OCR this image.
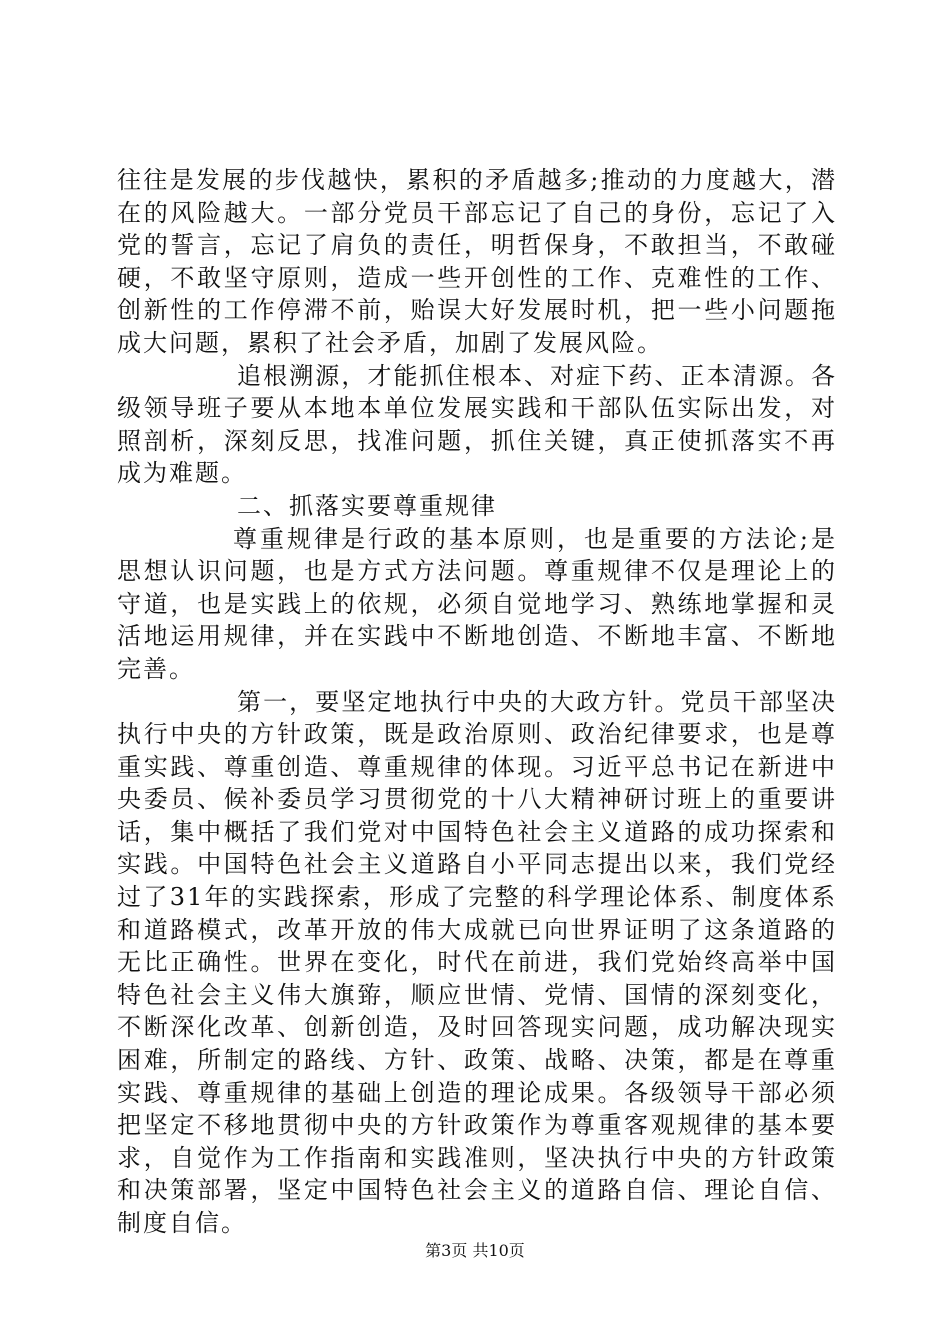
往往是发展的步伐越快，累积的矛盾越多;推动的力度越大，潜在的风险越大。一部分党员干部忘记了自己的身份，忘记了入党的誓言，忘记了肩负的责任，明哲保身，不敢担当，不敢碰硬，不敢坚守原则，造成一些开创性的工作、克难性的工作、创新性的工作停滞不前，贻误大好发展时机，把一些小问题拖成大问题，累积了社会矛盾，加剧了发展风险。

追根溯源，才能抓住根本、对症下药、正本清源。各级领导班子要从本地本单位发展实践和干部队伍实际出发，对照剖析，深刻反思，找准问题，抓住关键，真正使抓落实不再成为难题。

二、抓落实要尊重规律

尊重规律是行政的基本原则，也是重要的方法论;是思想认识问题，也是方式方法问题。尊重规律不仅是理论上的守道，也是实践上的依规，必须自觉地学习、熟练地掌握和灵活地运用规律，并在实践中不断地创造、不断地丰富、不断地完善。

第一，要坚定地执行中央的大政方针。党员干部坚决执行中央的方针政策，既是政治原则、政治纪律要求，也是尊重实践、尊重创造、尊重规律的体现。习近平总书记在新进中央委员、候补委员学习贯彻党的十八大精神研讨班上的重要讲话，集中概括了我们党对中国特色社会主义道路的成功探索和实践。中国特色社会主义道路自小平同志提出以来，我们党经过了31年的实践探索，形成了完整的科学理论体系、制度体系和道路模式，改革开放的伟大成就已向世界证明了这条道路的无比正确性。世界在变化，时代在前进，我们党始终高举中国特色社会主义伟大旗臶，顺应世情、党情、国情的深刻变化，不断深化改革、创新创造，及时回答现实问题，成功解决现实困难，所制定的路线、方针、政策、战略、决策，都是在尊重实践、尊重规律的基础上创造的理论成果。各级领导干部必须把坚定不移地贯彻中央的方针政策作为尊重客观规律的基本要求，自觉作为工作指南和实践准则，坚决执行中央的方针政策和决策部署，坚定中国特色社会主义的道路自信、理论自信、制度自信。

第3页 共10页
